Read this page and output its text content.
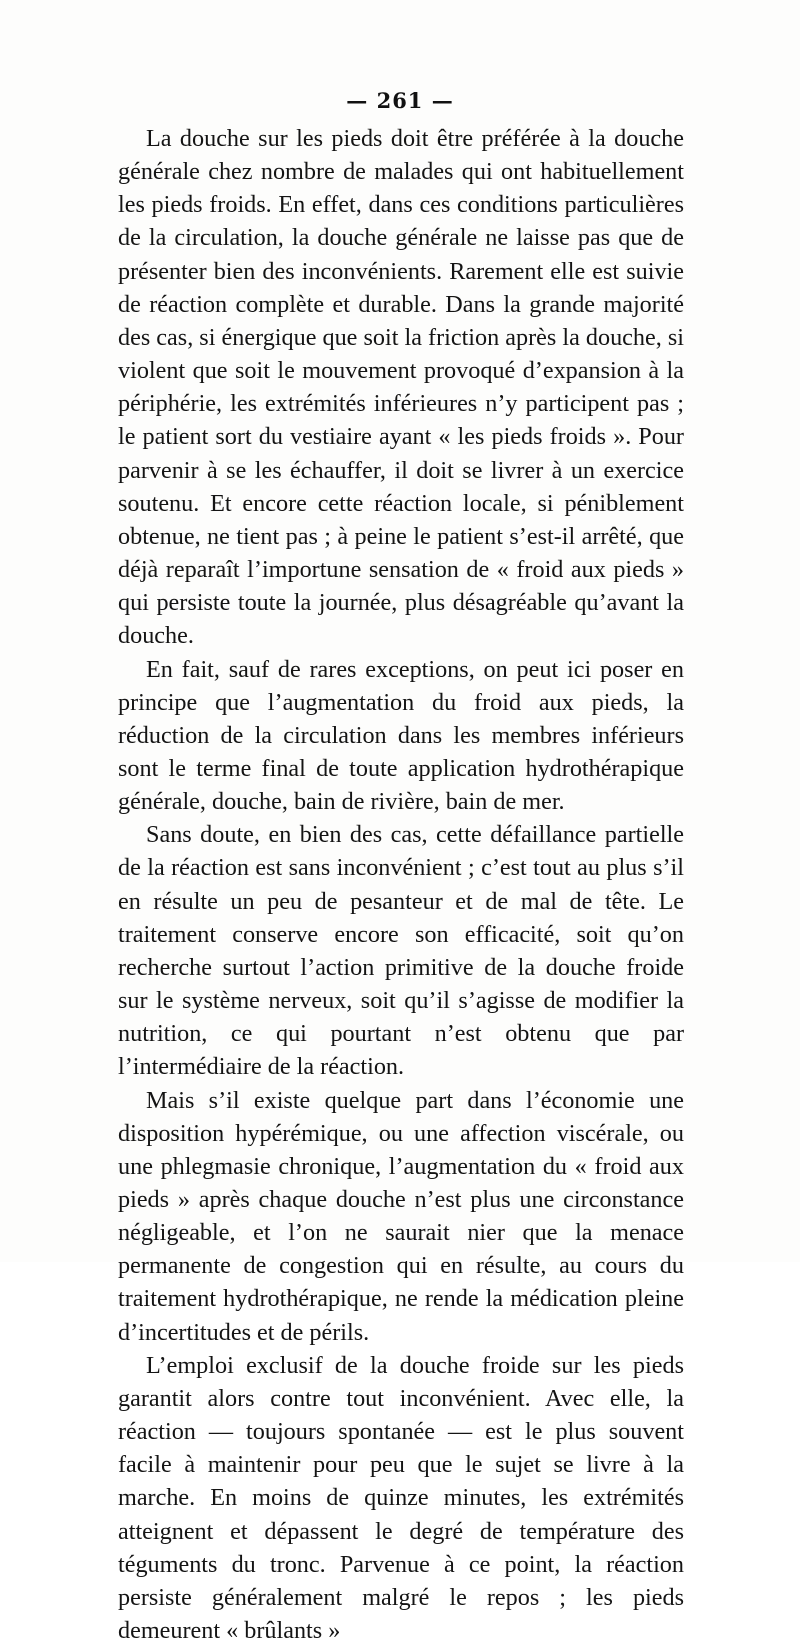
— 261 —

La douche sur les pieds doit être préférée à la douche générale chez nombre de malades qui ont habituellement les pieds froids. En effet, dans ces conditions particulières de la circulation, la douche générale ne laisse pas que de présenter bien des inconvénients. Rarement elle est suivie de réaction complète et durable. Dans la grande majorité des cas, si énergique que soit la friction après la douche, si violent que soit le mouvement provoqué d’expansion à la périphérie, les extrémités inférieures n’y participent pas ; le patient sort du vestiaire ayant « les pieds froids ». Pour parvenir à se les échauffer, il doit se livrer à un exercice soutenu. Et encore cette réaction locale, si péniblement obtenue, ne tient pas ; à peine le patient s’est-il arrêté, que déjà reparaît l’importune sensation de « froid aux pieds » qui persiste toute la journée, plus désagréable qu’avant la douche.

En fait, sauf de rares exceptions, on peut ici poser en principe que l’augmentation du froid aux pieds, la réduction de la circulation dans les membres inférieurs sont le terme final de toute application hydrothérapique générale, douche, bain de rivière, bain de mer.

Sans doute, en bien des cas, cette défaillance partielle de la réaction est sans inconvénient ; c’est tout au plus s’il en résulte un peu de pesanteur et de mal de tête. Le traitement conserve encore son efficacité, soit qu’on recherche surtout l’action primitive de la douche froide sur le système nerveux, soit qu’il s’agisse de modifier la nutrition, ce qui pourtant n’est obtenu que par l’intermédiaire de la réaction.

Mais s’il existe quelque part dans l’économie une disposition hypérémique, ou une affection viscérale, ou une phlegmasie chronique, l’augmentation du « froid aux pieds » après chaque douche n’est plus une circonstance négligeable, et l’on ne saurait nier que la menace permanente de congestion qui en résulte, au cours du traitement hydrothérapique, ne rende la médication pleine d’incertitudes et de périls.

L’emploi exclusif de la douche froide sur les pieds garantit alors contre tout inconvénient. Avec elle, la réaction — toujours spontanée — est le plus souvent facile à maintenir pour peu que le sujet se livre à la marche. En moins de quinze minutes, les extrémités atteignent et dépassent le degré de température des téguments du tronc. Parvenue à ce point, la réaction persiste généralement malgré le repos ; les pieds demeurent « brûlants »
